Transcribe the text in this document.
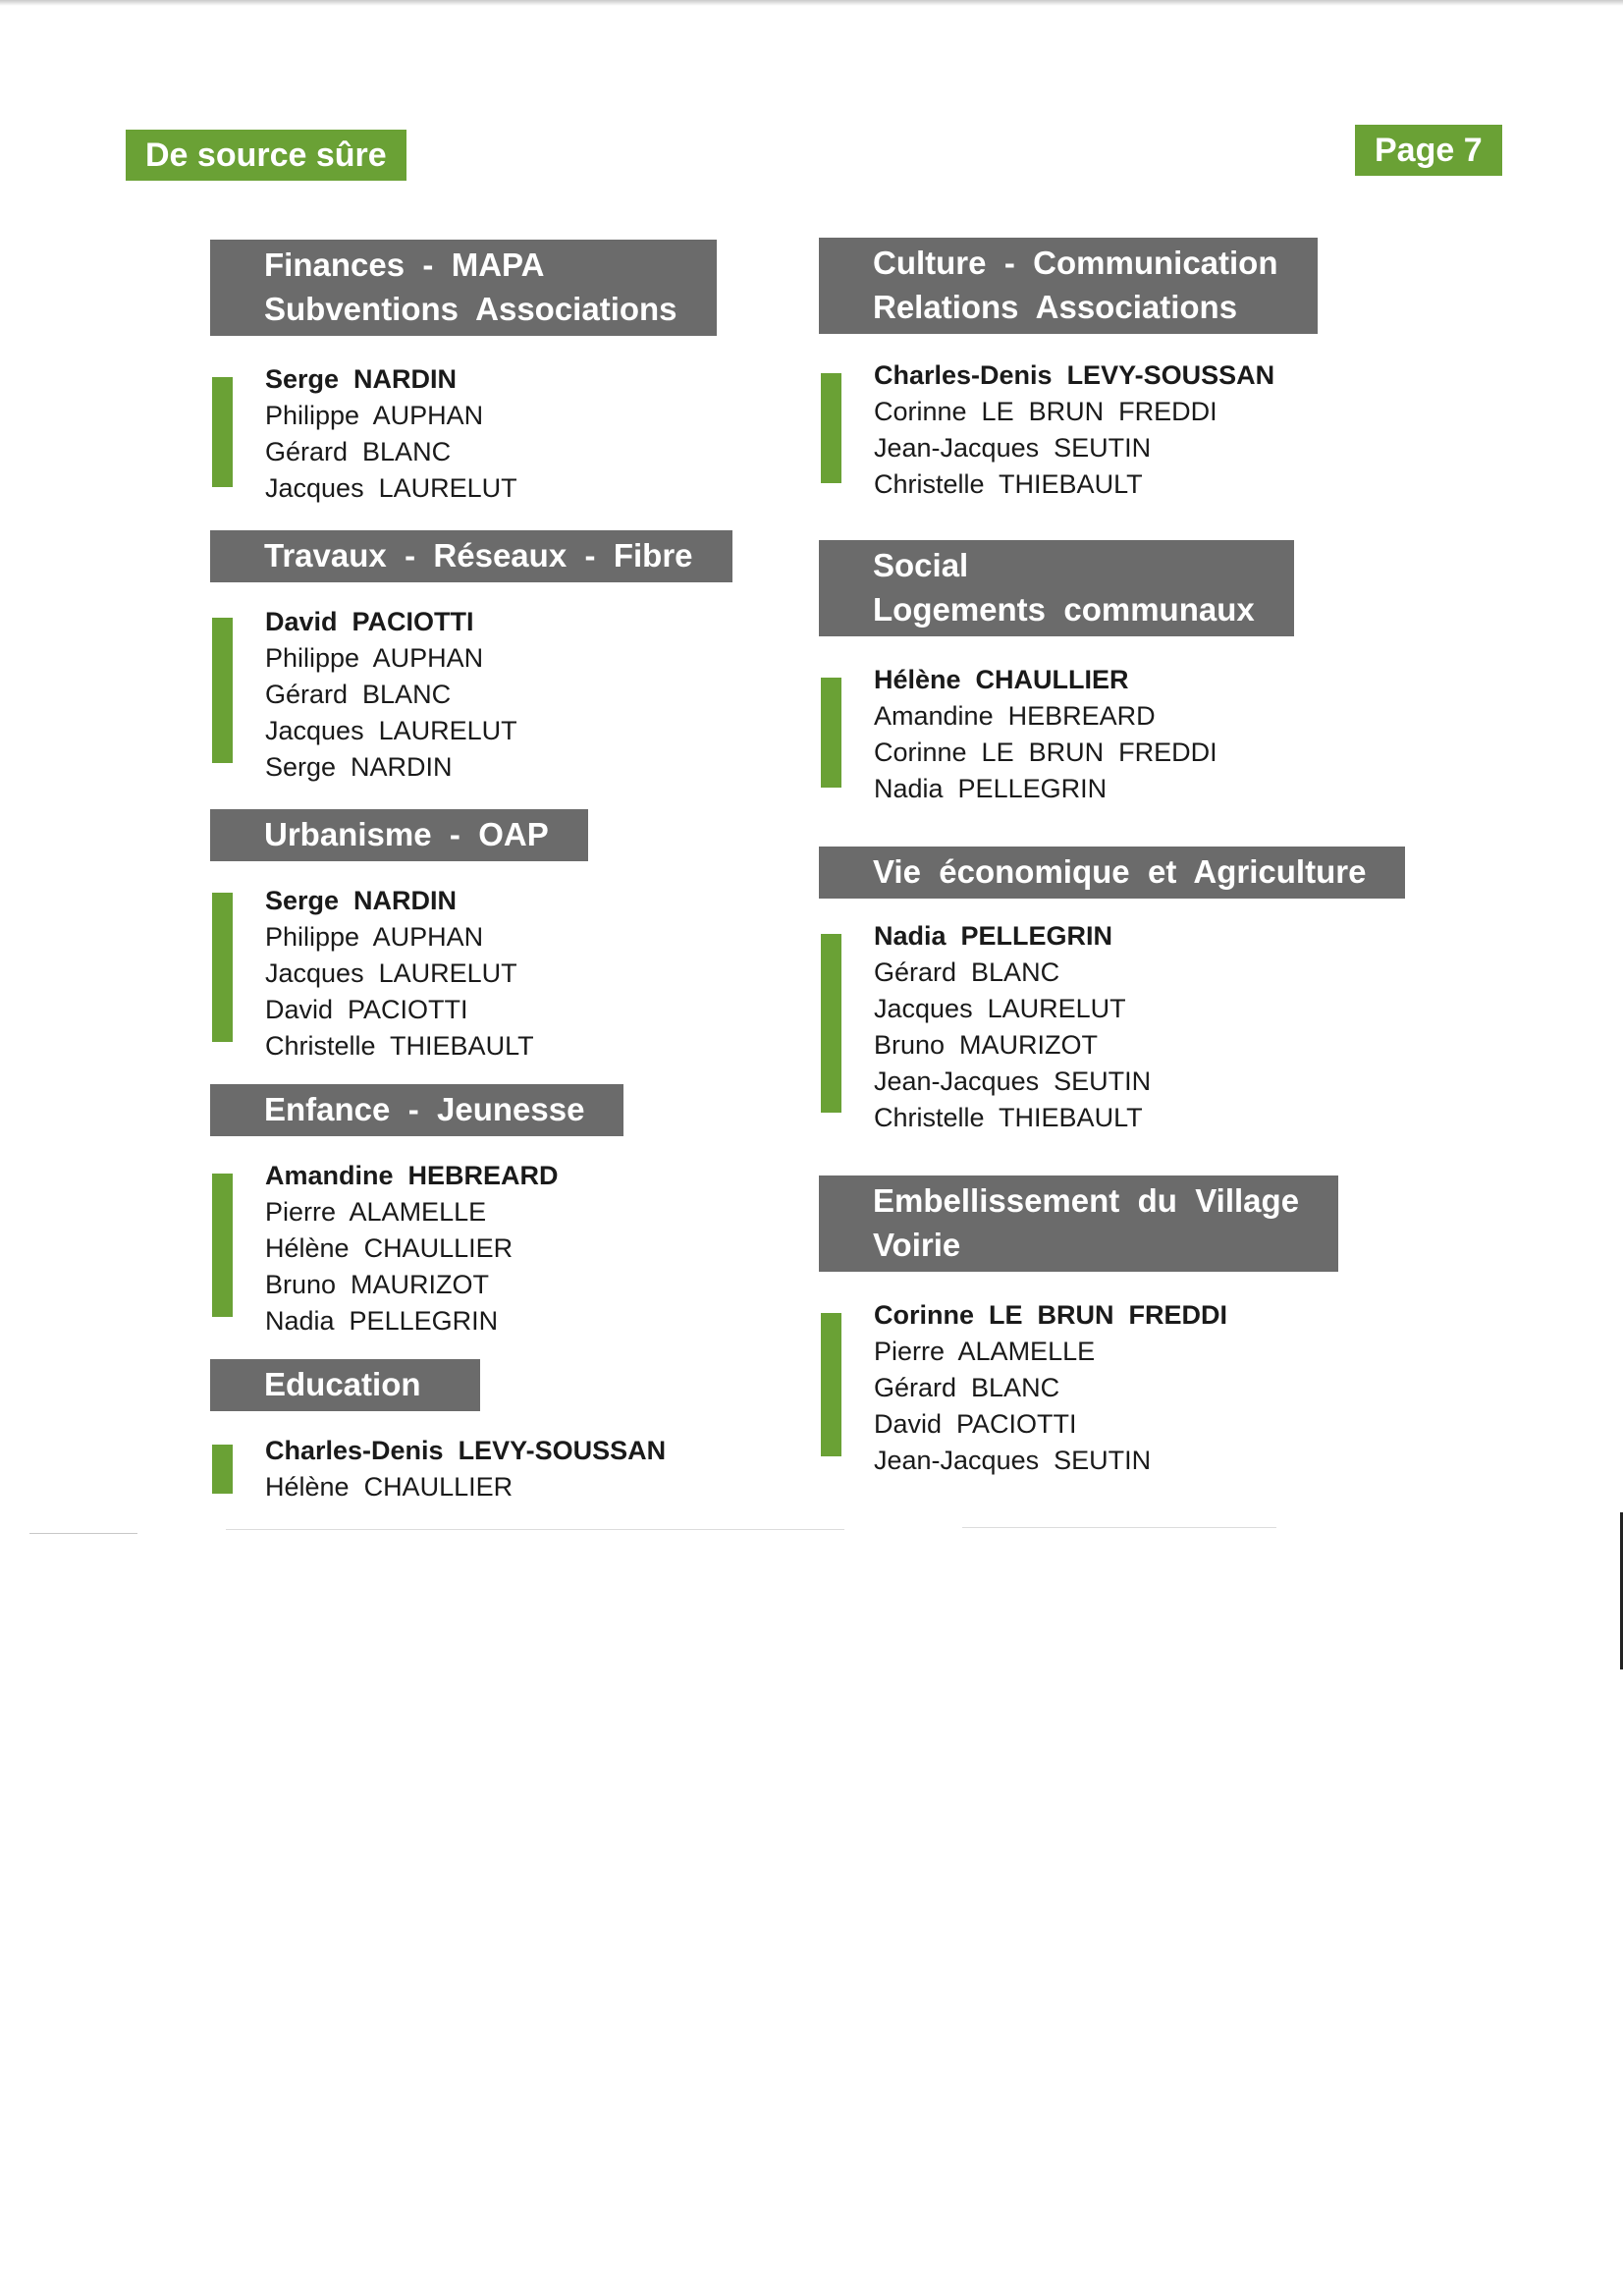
De source sûre	Page 7
Finances  -  MAPA
Subventions  Associations
Serge  NARDIN
Philippe  AUPHAN
Gérard  BLANC
Jacques  LAURELUT
Travaux  -  Réseaux  -  Fibre
David  PACIOTTI
Philippe  AUPHAN
Gérard  BLANC
Jacques  LAURELUT
Serge  NARDIN
Urbanisme  -  OAP
Serge  NARDIN
Philippe  AUPHAN
Jacques  LAURELUT
David  PACIOTTI
Christelle  THIEBAULT
Enfance  -  Jeunesse
Amandine  HEBREARD
Pierre  ALAMELLE
Hélène  CHAULLIER
Bruno  MAURIZOT
Nadia  PELLEGRIN
Education
Charles-Denis  LEVY-SOUSSAN
Hélène  CHAULLIER
Culture  -  Communication
Relations  Associations
Charles-Denis  LEVY-SOUSSAN
Corinne  LE  BRUN  FREDDI
Jean-Jacques  SEUTIN
Christelle  THIEBAULT
Social
Logements  communaux
Hélène  CHAULLIER
Amandine  HEBREARD
Corinne  LE  BRUN  FREDDI
Nadia  PELLEGRIN
Vie  économique  et  Agriculture
Nadia  PELLEGRIN
Gérard  BLANC
Jacques  LAURELUT
Bruno  MAURIZOT
Jean-Jacques  SEUTIN
Christelle  THIEBAULT
Embellissement  du  Village
Voirie
Corinne  LE  BRUN  FREDDI
Pierre  ALAMELLE
Gérard  BLANC
David  PACIOTTI
Jean-Jacques  SEUTIN
